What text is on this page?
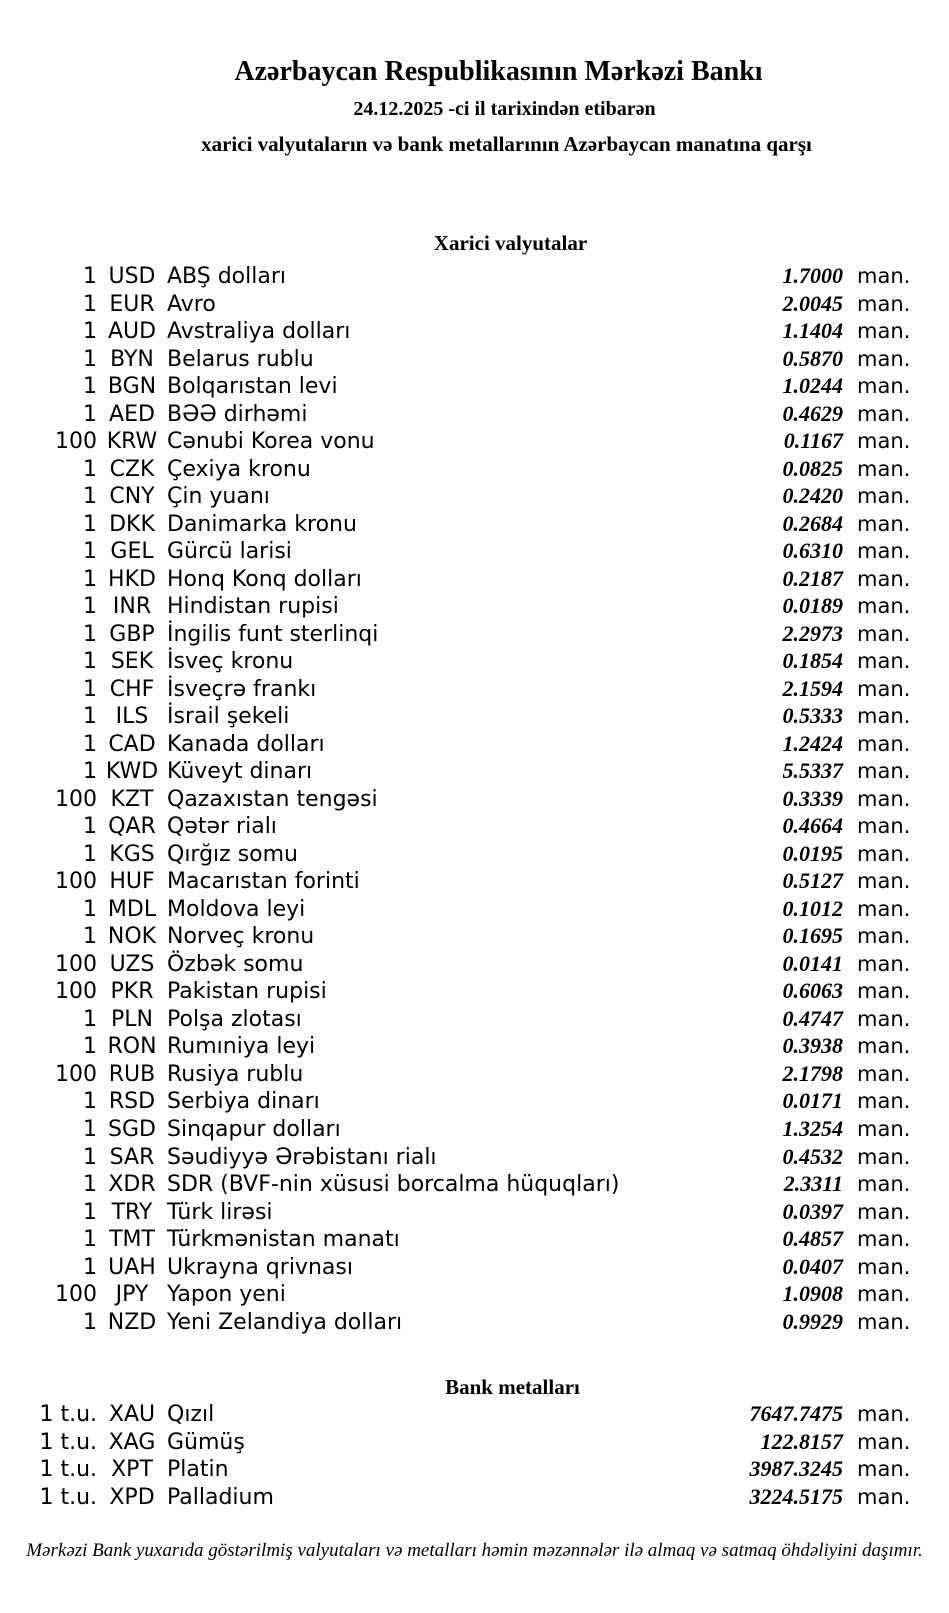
Azərbaycan Respublikasının Mərkəzi Bankı
24.12.2025 -ci il tarixindən etibarən
xarici valyutaların və bank metallarının Azərbaycan manatına qarşı
Xarici valyutalar
1 USD ABŞ dolları	1.7000 man.
1 EUR Avro	2.0045 man.
1 AUD Avstraliya dolları	1.1404 man.
1 BYN Belarus rublu	0.5870 man.
1 BGN Bolqarıstan levi	1.0244 man.
1 AED BƏƏ dirhəmi	0.4629 man.
100 KRW Cənubi Korea vonu	0.1167 man.
1 CZK Çexiya kronu	0.0825 man.
1 CNY Çin yuanı	0.2420 man.
1 DKK Danimarka kronu	0.2684 man.
1 GEL Gürcü larisi	0.6310 man.
1 HKD Honq Konq dolları	0.2187 man.
1 INR Hindistan rupisi	0.0189 man.
1 GBP İngilis funt sterlinqi	2.2973 man.
1 SEK İsveç kronu	0.1854 man.
1 CHF İsveçrə frankı	2.1594 man.
1 ILS İsrail şekeli	0.5333 man.
1 CAD Kanada dolları	1.2424 man.
1 KWD Küveyt dinarı	5.5337 man.
100 KZT Qazaxıstan tengəsi	0.3339 man.
1 QAR Qətər rialı	0.4664 man.
1 KGS Qırğız somu	0.0195 man.
100 HUF Macarıstan forinti	0.5127 man.
1 MDL Moldova leyi	0.1012 man.
1 NOK Norveç kronu	0.1695 man.
100 UZS Özbək somu	0.0141 man.
100 PKR Pakistan rupisi	0.6063 man.
1 PLN Polşa zlotası	0.4747 man.
1 RON Rumıniya leyi	0.3938 man.
100 RUB Rusiya rublu	2.1798 man.
1 RSD Serbiya dinarı	0.0171 man.
1 SGD Sinqapur dolları	1.3254 man.
1 SAR Səudiyyə Ərəbistanı rialı	0.4532 man.
1 XDR SDR (BVF-nin xüsusi borcalma hüquqları)	2.3311 man.
1 TRY Türk lirəsi	0.0397 man.
1 TMT Türkmənistan manatı	0.4857 man.
1 UAH Ukrayna qrivnası	0.0407 man.
100 JPY Yapon yeni	1.0908 man.
1 NZD Yeni Zelandiya dolları	0.9929 man.
Bank metalları
1 t.u. XAU Qızıl	7647.7475 man.
1 t.u. XAG Gümüş	122.8157 man.
1 t.u. XPT Platin	3987.3245 man.
1 t.u. XPD Palladium	3224.5175 man.
Mərkəzi Bank yuxarıda göstərilmiş valyutaları və metalları həmin məzənnələr ilə almaq və satmaq öhdəliyini daşımır.
